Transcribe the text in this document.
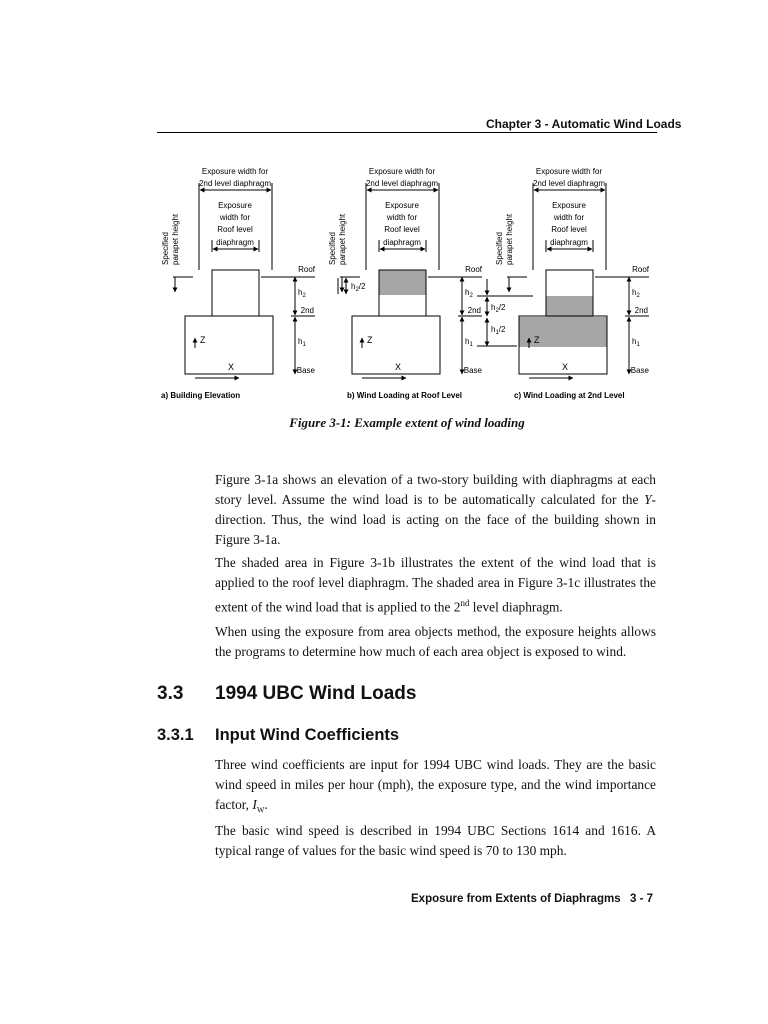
Chapter 3 - Automatic Wind Loads
Exposure width for
2nd level diaphragm
Exposure
width for
Roof level
diaphragm
Specified parapet height
Roof
2nd
Base
$h_2$
$h_1$
Z
X
a) Building Elevation
Exposure width for
2nd level diaphragm
Exposure
width for
Roof level
diaphragm
Specified parapet height
Roof
2nd
Base
$h_2$
$h_1$
$h_2/2$
Z
X
b) Wind Loading at Roof Level
Exposure width for
2nd level diaphragm
Exposure
width for
Roof level
diaphragm
Specified parapet height
Roof
2nd
Base
$h_2$
$h_1$
$h_2/2$
$h_1/2$
Z
X
c) Wind Loading at 2nd Level
Figure 3-1: Example extent of wind loading

Figure 3-1a shows an elevation of a two-story building with diaphragms at each story level. Assume the wind load is to be automatically calculated for the Y-direction. Thus, the wind load is acting on the face of the building shown in Figure 3-1a.

The shaded area in Figure 3-1b illustrates the extent of the wind load that is applied to the roof level diaphragm. The shaded area in Figure 3-1c illustrates the extent of the wind load that is applied to the 2nd level diaphragm.

When using the exposure from area objects method, the exposure heights allows the programs to determine how much of each area object is exposed to wind.

3.3 1994 UBC Wind Loads
3.3.1 Input Wind Coefficients

Three wind coefficients are input for 1994 UBC wind loads. They are the basic wind speed in miles per hour (mph), the exposure type, and the wind importance factor, $I_W$.

The basic wind speed is described in 1994 UBC Sections 1614 and 1616. A typical range of values for the basic wind speed is 70 to 130 mph.

Exposure from Extents of Diaphragms 3 - 7
